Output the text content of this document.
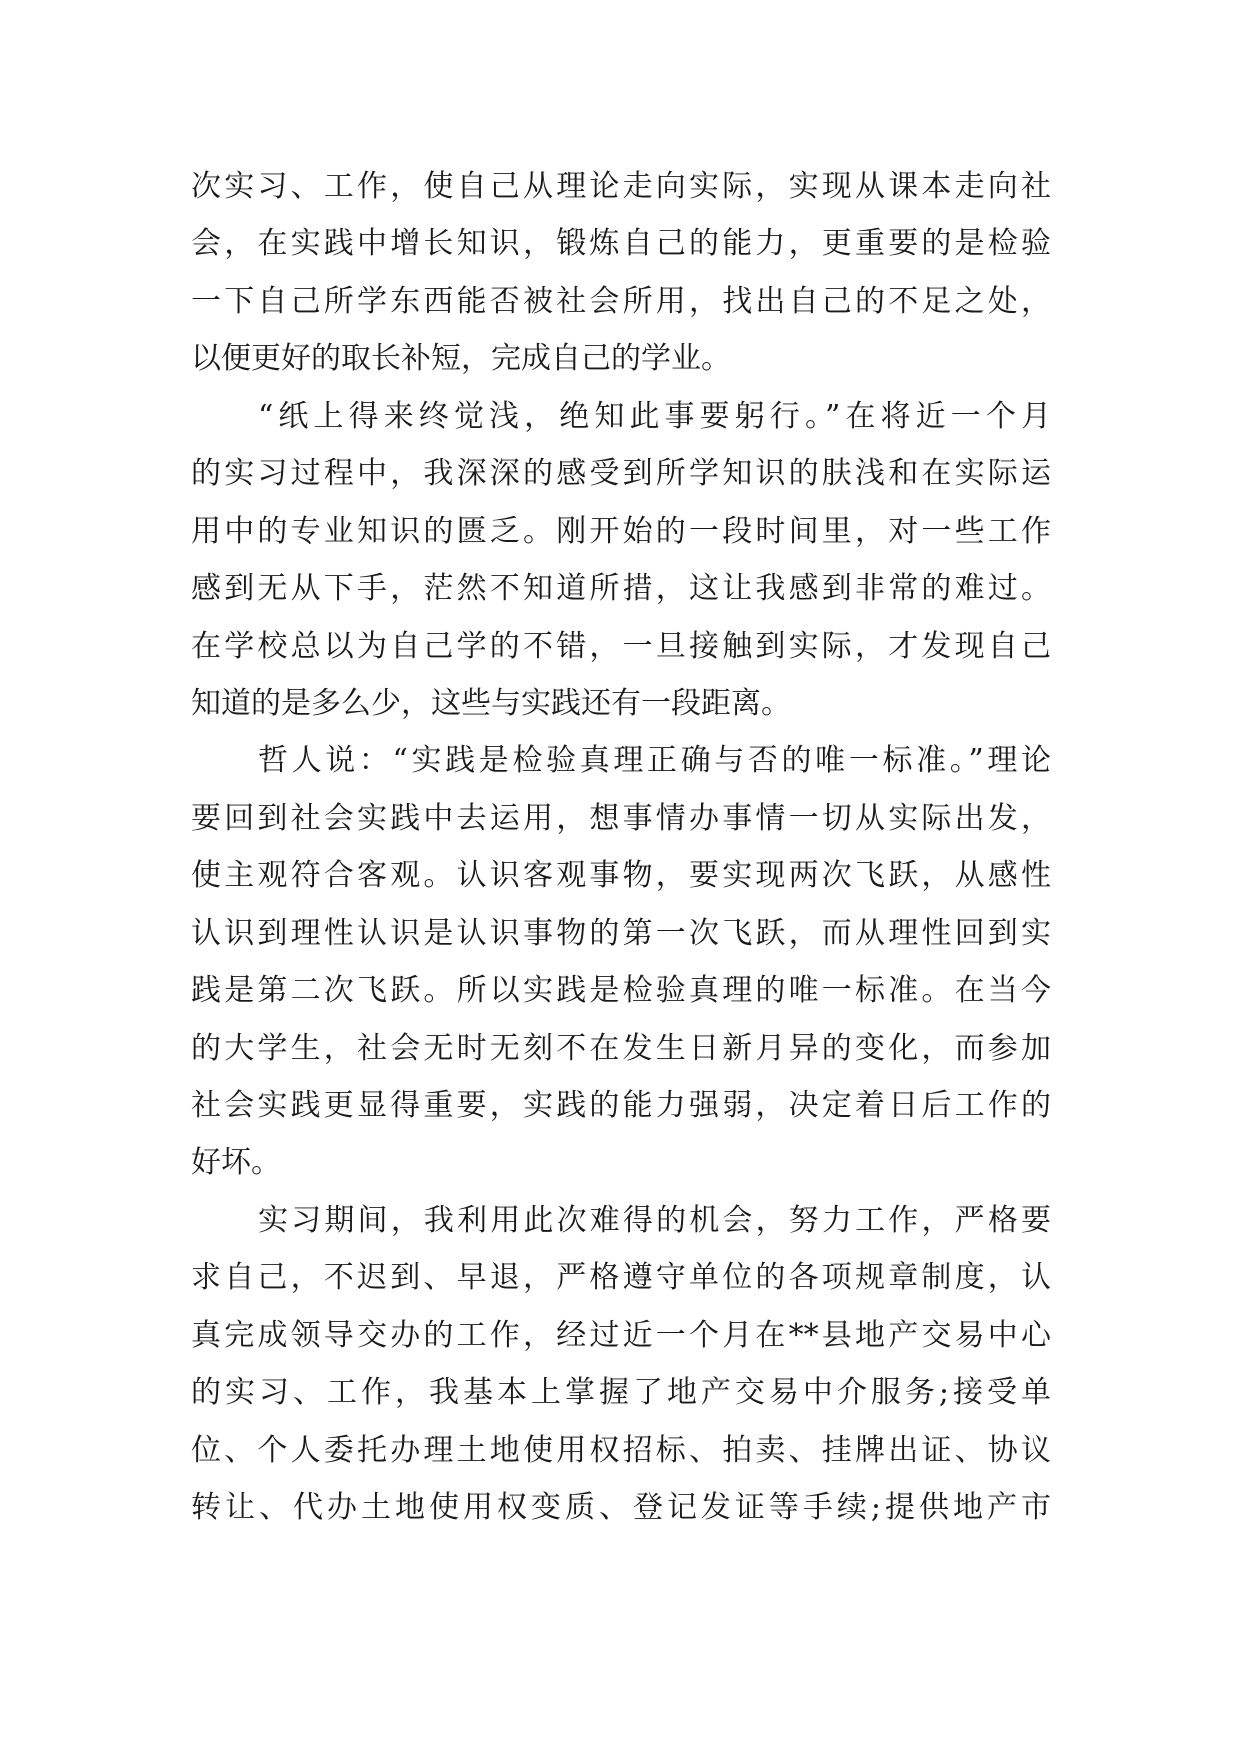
次实习、工作，使自己从理论走向实际，实现从课本走向社
会，在实践中增长知识，锻炼自己的能力，更重要的是检验
一下自己所学东西能否被社会所用，找出自己的不足之处，
以便更好的取长补短，完成自己的学业。
“纸上得来终觉浅，绝知此事要躬行。”在将近一个月
的实习过程中，我深深的感受到所学知识的肤浅和在实际运
用中的专业知识的匮乏。刚开始的一段时间里，对一些工作
感到无从下手，茫然不知道所措，这让我感到非常的难过。
在学校总以为自己学的不错，一旦接触到实际，才发现自己
知道的是多么少，这些与实践还有一段距离。
哲人说：“实践是检验真理正确与否的唯一标准。”理论
要回到社会实践中去运用，想事情办事情一切从实际出发，
使主观符合客观。认识客观事物，要实现两次飞跃，从感性
认识到理性认识是认识事物的第一次飞跃，而从理性回到实
践是第二次飞跃。所以实践是检验真理的唯一标准。在当今
的大学生，社会无时无刻不在发生日新月异的变化，而参加
社会实践更显得重要，实践的能力强弱，决定着日后工作的
好坏。
实习期间，我利用此次难得的机会，努力工作，严格要
求自己，不迟到、早退，严格遵守单位的各项规章制度，认
真完成领导交办的工作，经过近一个月在**县地产交易中心
的实习、工作，我基本上掌握了地产交易中介服务;接受单
位、个人委托办理土地使用权招标、拍卖、挂牌出证、协议
转让、代办土地使用权变质、登记发证等手续;提供地产市
